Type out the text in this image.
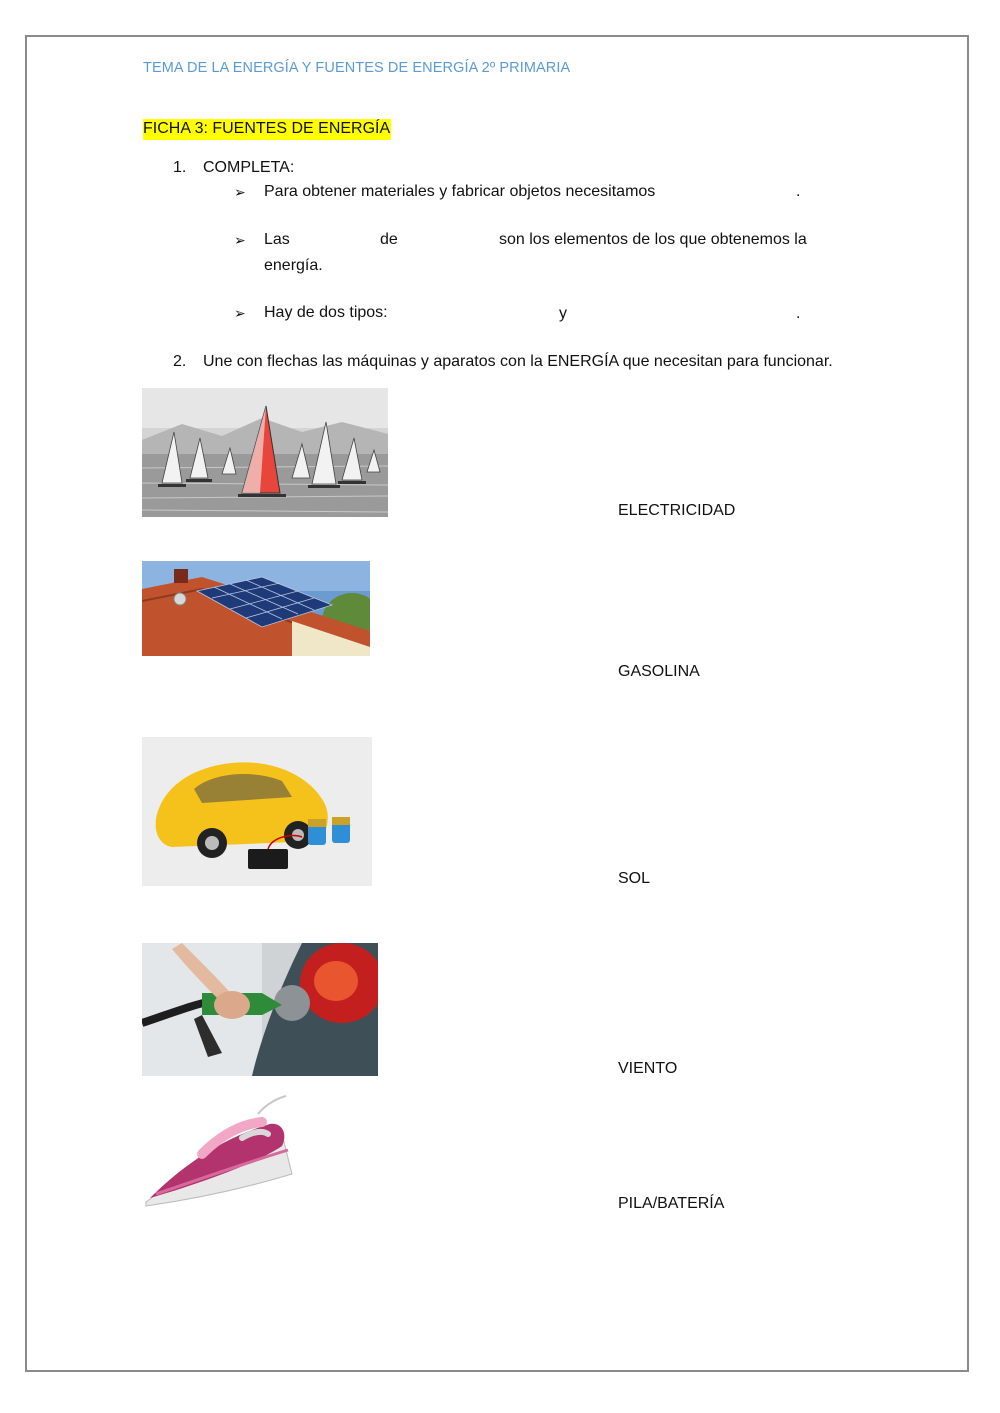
TEMA DE LA ENERGÍA Y FUENTES DE ENERGÍA 2º PRIMARIA
FICHA 3: FUENTES DE ENERGÍA
1. COMPLETA:
➢ Para obtener materiales y fabricar objetos necesitamos	.
➢ Las	de	son los elementos de los que obtenemos la
energía.
➢ Hay de dos tipos:	y	.
2. Une con flechas las máquinas y aparatos con la ENERGÍA que necesitan para funcionar.
ELECTRICIDAD
GASOLINA
SOL
VIENTO
PILA/BATERÍA
